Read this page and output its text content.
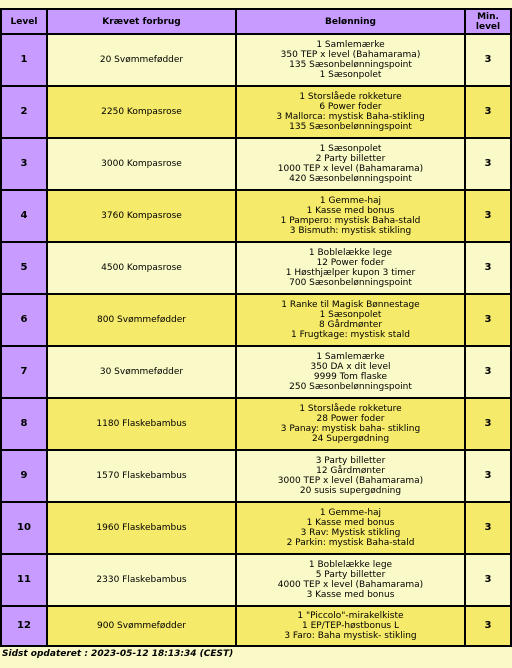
Level	Krævet forbrug	Belønning	Min. level

1	20 Svømmefødder	1 Samlemærke
350 TEP x level (Bahamarama)
135 Sæsonbelønningspoint
1 Sæsonpolet	3
2	2250 Kompasrose	1 Storslåede rokketure
6 Power foder
3 Mallorca: mystisk Baha-stikling
135 Sæsonbelønningspoint	3
3	3000 Kompasrose	1 Sæsonpolet
2 Party billetter
1000 TEP x level (Bahamarama)
420 Sæsonbelønningspoint	3
4	3760 Kompasrose	1 Gemme-haj
1 Kasse med bonus
1 Pampero: mystisk Baha-stald
3 Bismuth: mystisk stikling	3
5	4500 Kompasrose	1 Boblelække lege
12 Power foder
1 Høsthjælper kupon 3 timer
700 Sæsonbelønningspoint	3
6	800 Svømmefødder	1 Ranke til Magisk Bønnestage
1 Sæsonpolet
8 Gårdmønter
1 Frugtkage: mystisk stald	3
7	30 Svømmefødder	1 Samlemærke
350 DA x dit level
9999 Tom flaske
250 Sæsonbelønningspoint	3
8	1180 Flaskebambus	1 Storslåede rokketure
28 Power foder
3 Panay: mystisk baha- stikling
24 Supergødning	3
9	1570 Flaskebambus	3 Party billetter
12 Gårdmønter
3000 TEP x level (Bahamarama)
20 susis supergødning	3
10	1960 Flaskebambus	1 Gemme-haj
1 Kasse med bonus
3 Rav: Mystisk stikling
2 Parkin: mystisk Baha-stald	3
11	2330 Flaskebambus	1 Boblelække lege
5 Party billetter
4000 TEP x level (Bahamarama)
3 Kasse med bonus	3
12	900 Svømmefødder	1 "Piccolo"-mirakelkiste
1 EP/TEP-høstbonus L
3 Faro: Baha mystisk- stikling	3
Sidst opdateret : 2023-05-12 18:13:34 (CEST)
